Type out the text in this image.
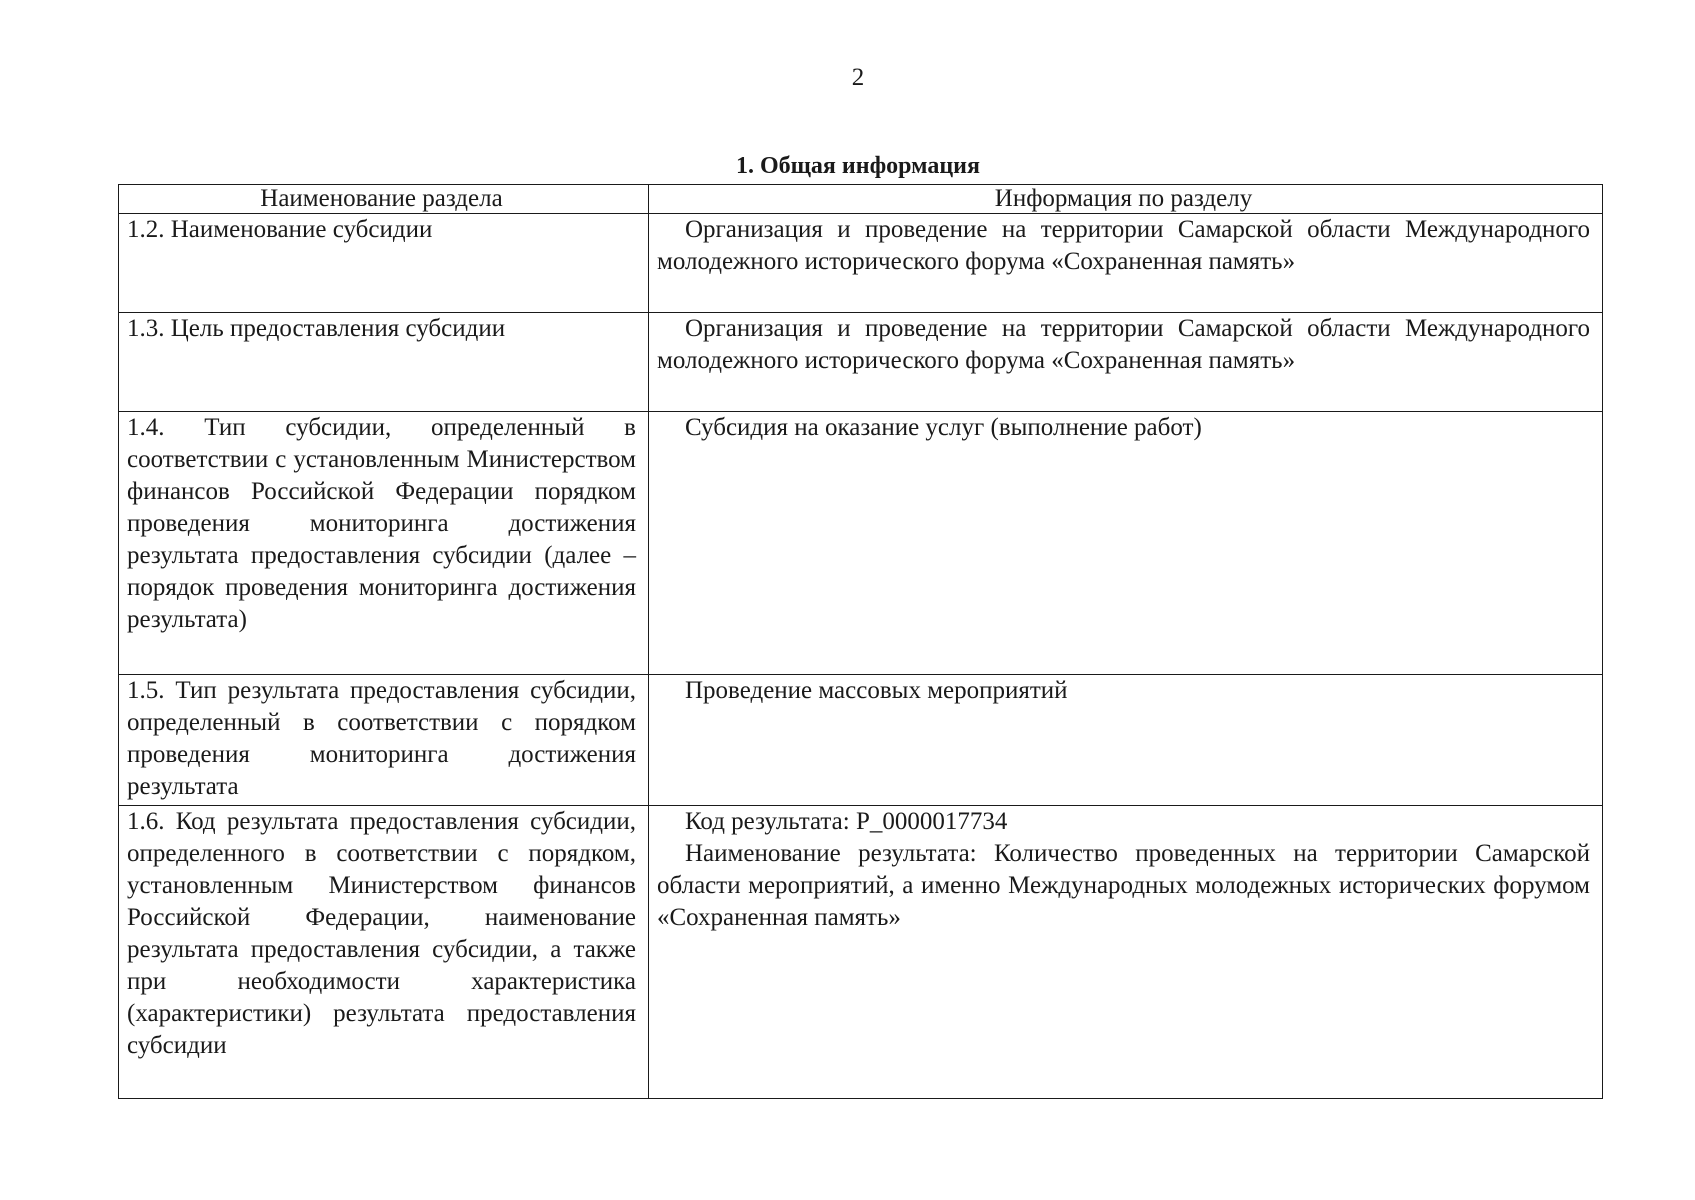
2
1. Общая информация
Наименование раздела	Информация по разделу
1.2. Наименование субсидии	Организация и проведение на территории Самарской области Международного молодежного исторического форума «Сохраненная память»
1.3. Цель предоставления субсидии	Организация и проведение на территории Самарской области Международного молодежного исторического форума «Сохраненная память»
1.4. Тип субсидии, определенный в соответствии с установленным Министерством финансов Российской Федерации порядком проведения мониторинга достижения результата предоставления субсидии (далее – порядок проведения мониторинга достижения результата)	Субсидия на оказание услуг (выполнение работ)
1.5. Тип результата предоставления субсидии, определенный в соответствии с порядком проведения мониторинга достижения результата	Проведение массовых мероприятий
1.6. Код результата предоставления субсидии, определенного в соответствии с порядком, установленным Министерством финансов Российской Федерации, наименование результата предоставления субсидии, а также при необходимости характеристика (характеристики) результата предоставления субсидии	Код результата: P_0000017734

Наименование результата: Количество проведенных на территории Самарской области мероприятий, а именно Международных молодежных исторических форумом «Сохраненная память»
